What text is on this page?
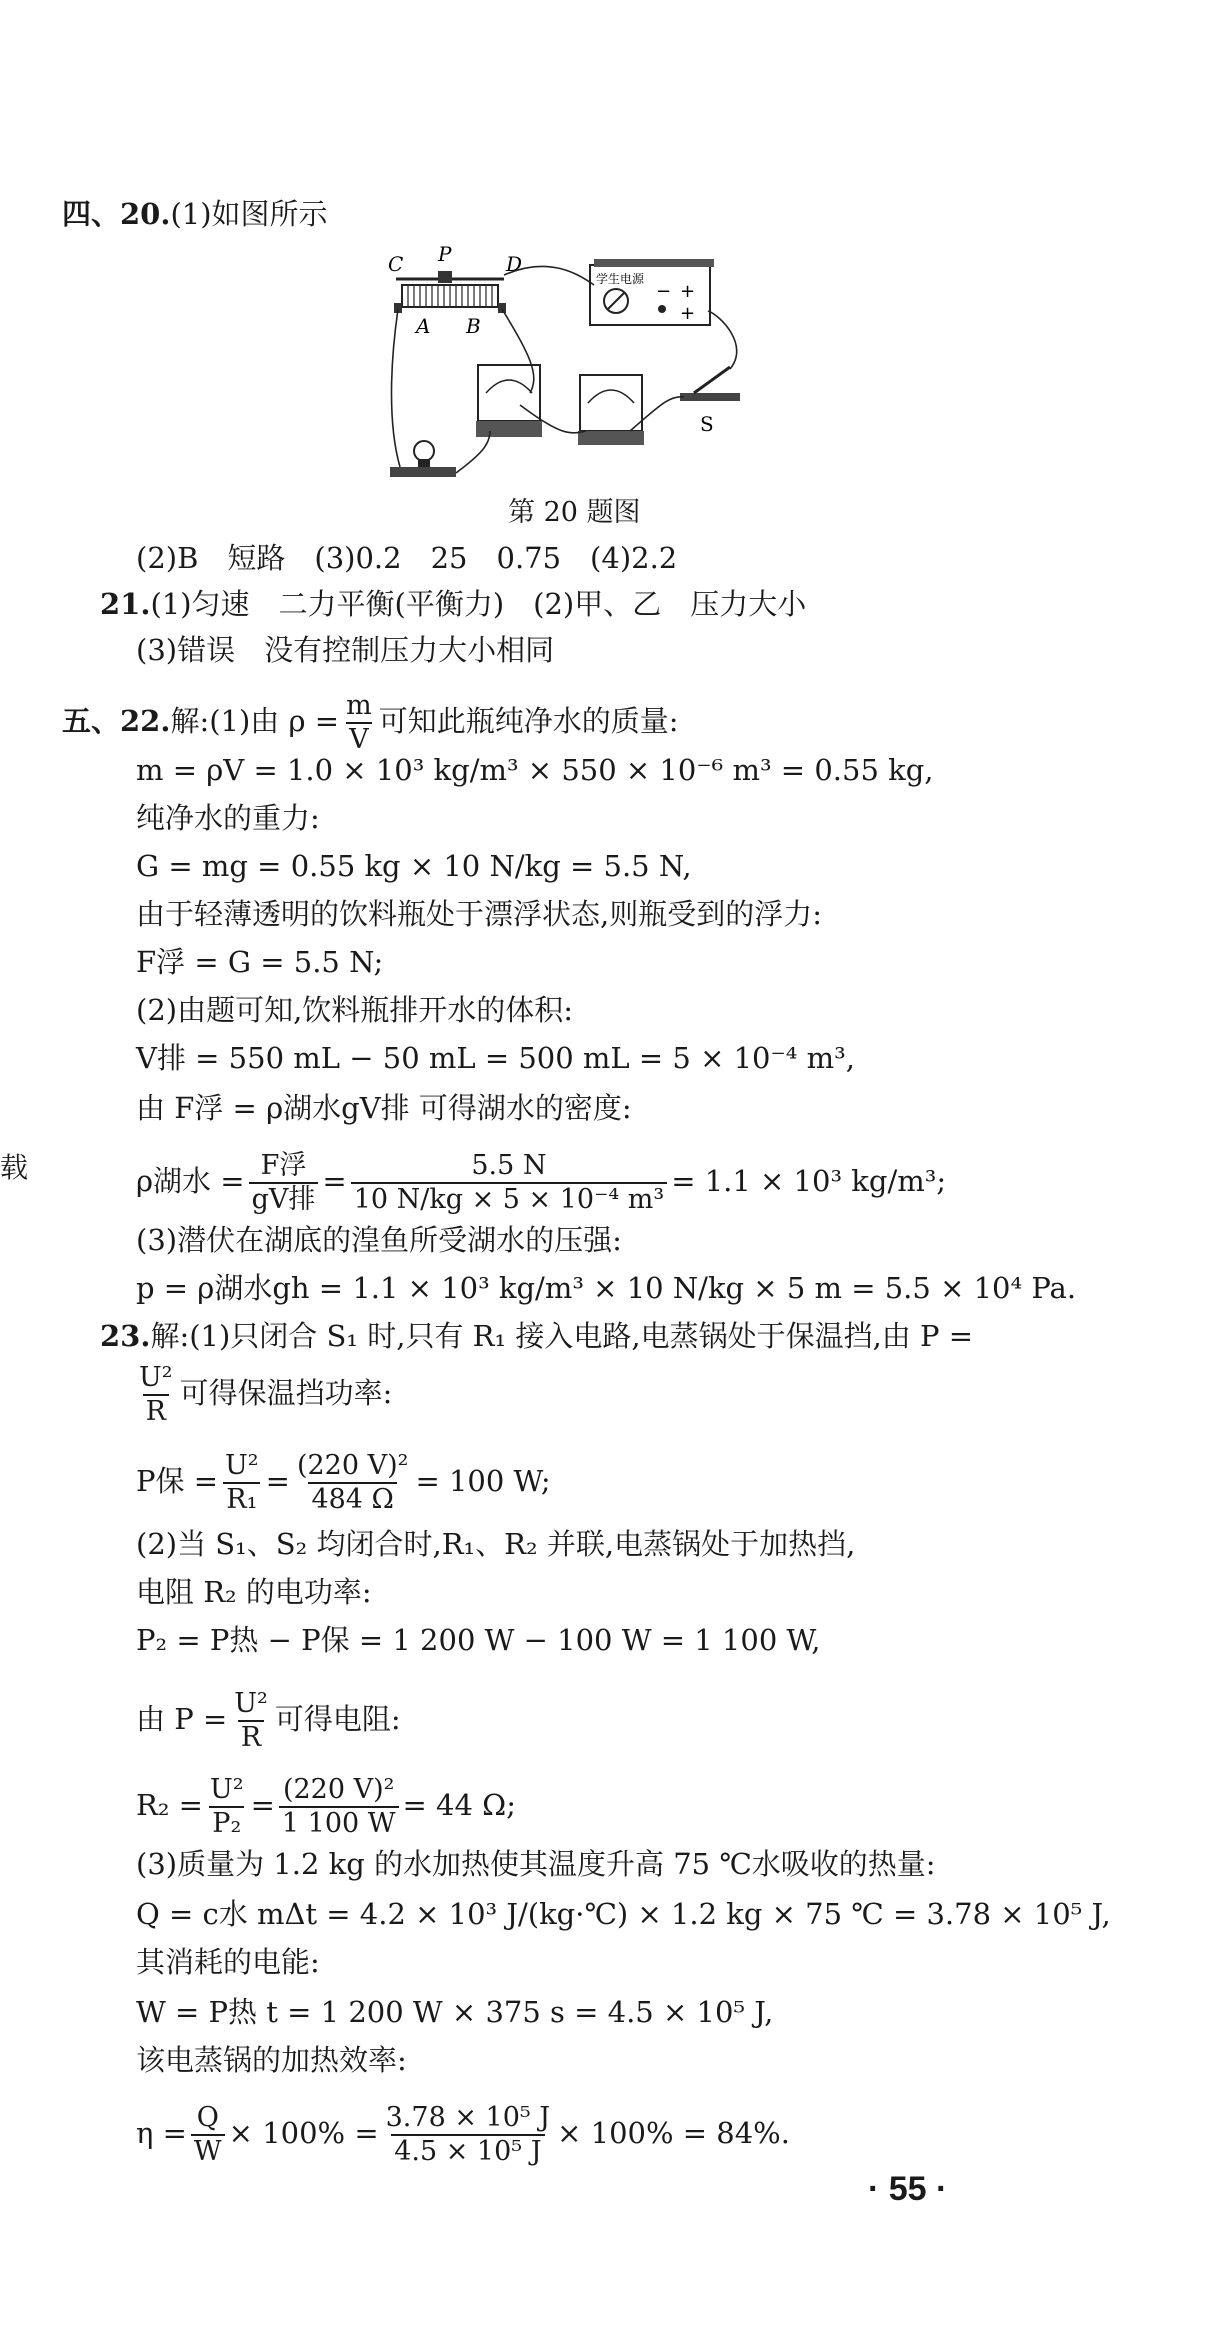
四、20.(1)如图所示
C P	D
A B
− +
+
学生电源
S
第 20 题图
(2)B　短路　(3)0.2　25　0.75　(4)2.2
21.(1)匀速　二力平衡(平衡力)　(2)甲、乙　压力大小
(3)错误　没有控制压力大小相同
五、22.解:(1)由 $\rho = \frac{m}{V}$ 可知此瓶纯净水的质量:
m = ρV = 1.0 × 10³ kg/m³ × 550 × 10⁻⁶ m³ = 0.55 kg,
纯净水的重力:
G = mg = 0.55 kg × 10 N/kg = 5.5 N,
由于轻薄透明的饮料瓶处于漂浮状态,则瓶受到的浮力:
F浮 = G = 5.5 N;
(2)由题可知,饮料瓶排开水的体积:
V排 = 550 mL − 50 mL = 500 mL = 5 × 10⁻⁴ m³,
由 F浮 = ρ湖水gV排 可得湖水的密度:
载	ρ湖水 = $\frac{\text{F浮}}{\text{gV排}} = \frac{5.5 N}{\text{10 N/kg × 5 × 10⁻⁴ m³}} = 1.1 \times 10^3$ kg/m³;
(3)潜伏在湖底的湟鱼所受湖水的压强:
p = ρ湖水gh = 1.1 × 10³ kg/m³ × 10 N/kg × 5 m = 5.5 × 10⁴ Pa.
23.解:(1)只闭合 S₁ 时,只有 R₁ 接入电路,电蒸锅处于保温挡,由 P =
$\frac{\text{U²}}{R}$ 可得保温挡功率:
P保 = $\frac{\text{U²}}{\text{R₁}} = \frac{\text{(220 V)²}}{484 \Omega} = 100$ W;
(2)当 S₁、S₂ 均闭合时,R₁、R₂ 并联,电蒸锅处于加热挡,
电阻 R₂ 的电功率:
P₂ = P热 − P保 = 1 200 W − 100 W = 1 100 W,
由 $P = \frac{\text{U²}}{R}$ 可得电阻:
$R_2 = \frac{\text{U²}}{\text{P₂}} = \frac{\text{(220 V)²}}{1 100 W} = 44$ Ω;
(3)质量为 1.2 kg 的水加热使其温度升高 75 ℃水吸收的热量:
Q = c水 mΔt = 4.2 × 10³ J/(kg·℃) × 1.2 kg × 75 ℃ = 3.78 × 10⁵ J,
其消耗的电能:
W = P热 t = 1 200 W × 375 s = 4.5 × 10⁵ J,
该电蒸锅的加热效率:
$\eta = \frac{Q}{W} \times 100\% = \frac{\text{3.78 × 10⁵ J}}{\text{4.5 × 10⁵ J}} \times 100\% = 84\%$.
· 55 ·
